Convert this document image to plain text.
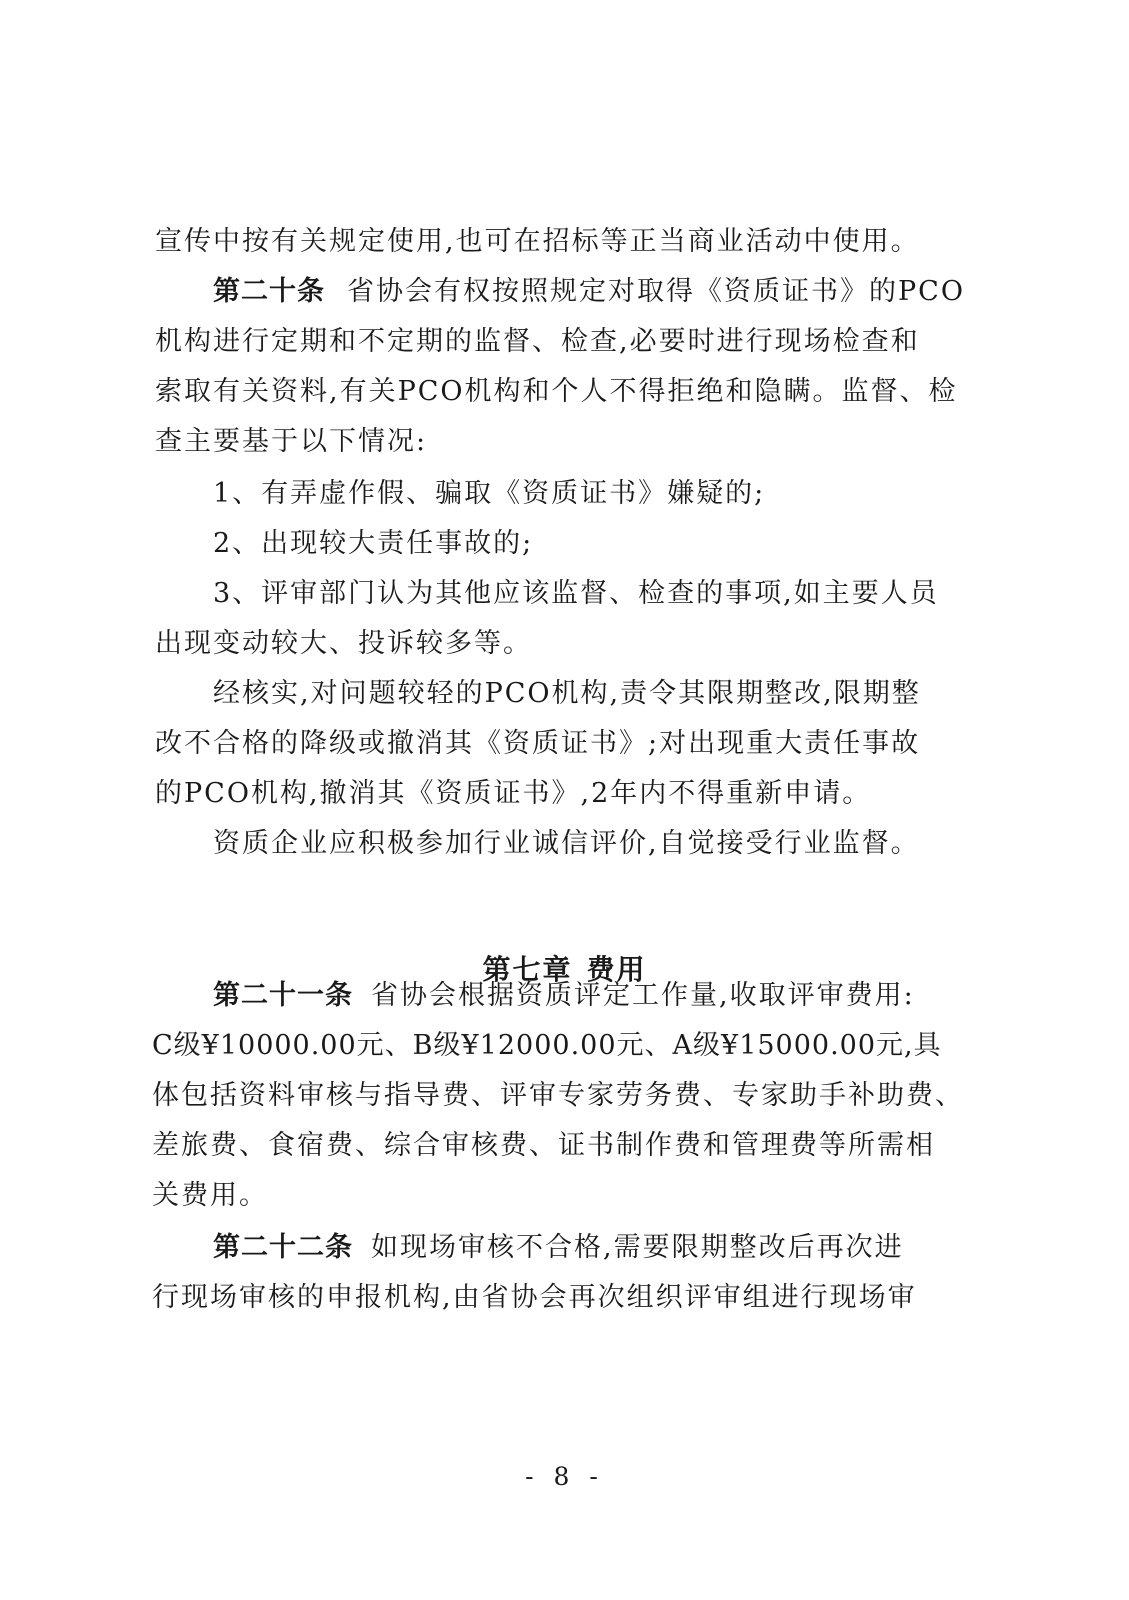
宣传中按有关规定使用,也可在招标等正当商业活动中使用。
第二十条 省协会有权按照规定对取得《资质证书》的PCO
机构进行定期和不定期的监督、检查,必要时进行现场检查和
索取有关资料,有关PCO机构和个人不得拒绝和隐瞒。监督、检
查主要基于以下情况:
1、有弄虚作假、骗取《资质证书》嫌疑的;
2、出现较大责任事故的;
3、评审部门认为其他应该监督、检查的事项,如主要人员
出现变动较大、投诉较多等。
经核实,对问题较轻的PCO机构,责令其限期整改,限期整
改不合格的降级或撤消其《资质证书》;对出现重大责任事故
的PCO机构,撤消其《资质证书》,2年内不得重新申请。
资质企业应积极参加行业诚信评价,自觉接受行业监督。
第七章 费用
第二十一条 省协会根据资质评定工作量,收取评审费用:
C级¥10000.00元、B级¥12000.00元、A级¥15000.00元,具
体包括资料审核与指导费、评审专家劳务费、专家助手补助费、
差旅费、食宿费、综合审核费、证书制作费和管理费等所需相
关费用。
第二十二条 如现场审核不合格,需要限期整改后再次进
行现场审核的申报机构,由省协会再次组织评审组进行现场审
- 8 -
